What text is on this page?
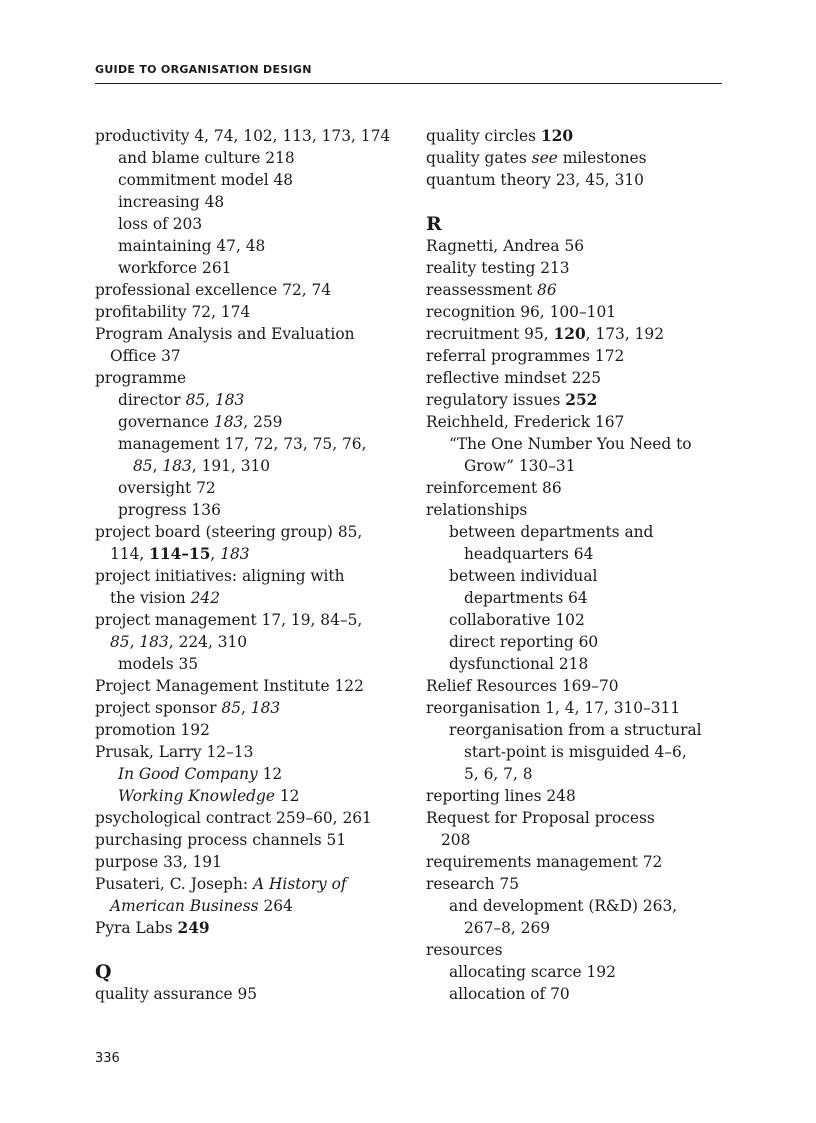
GUIDE TO ORGANISATION DESIGN
productivity 4, 74, 102, 113, 173, 174
and blame culture 218
commitment model 48
increasing 48
loss of 203
maintaining 47, 48
workforce 261
professional excellence 72, 74
profitability 72, 174
Program Analysis and Evaluation
Office 37
programme
director 85, 183
governance 183, 259
management 17, 72, 73, 75, 76,
85, 183, 191, 310
oversight 72
progress 136
project board (steering group) 85,
114, 114–15, 183
project initiatives: aligning with
the vision 242
project management 17, 19, 84–5,
85, 183, 224, 310
models 35
Project Management Institute 122
project sponsor 85, 183
promotion 192
Prusak, Larry 12–13
In Good Company 12
Working Knowledge 12
psychological contract 259–60, 261
purchasing process channels 51
purpose 33, 191
Pusateri, C. Joseph: A History of
American Business 264
Pyra Labs 249
Q
quality assurance 95
quality circles 120
quality gates see milestones
quantum theory 23, 45, 310
R
Ragnetti, Andrea 56
reality testing 213
reassessment 86
recognition 96, 100–101
recruitment 95, 120, 173, 192
referral programmes 172
reflective mindset 225
regulatory issues 252
Reichheld, Frederick 167
“The One Number You Need to
Grow” 130–31
reinforcement 86
relationships
between departments and
headquarters 64
between individual
departments 64
collaborative 102
direct reporting 60
dysfunctional 218
Relief Resources 169–70
reorganisation 1, 4, 17, 310–311
reorganisation from a structural
start-point is misguided 4–6,
5, 6, 7, 8
reporting lines 248
Request for Proposal process
208
requirements management 72
research 75
and development (R&D) 263,
267–8, 269
resources
allocating scarce 192
allocation of 70
336
